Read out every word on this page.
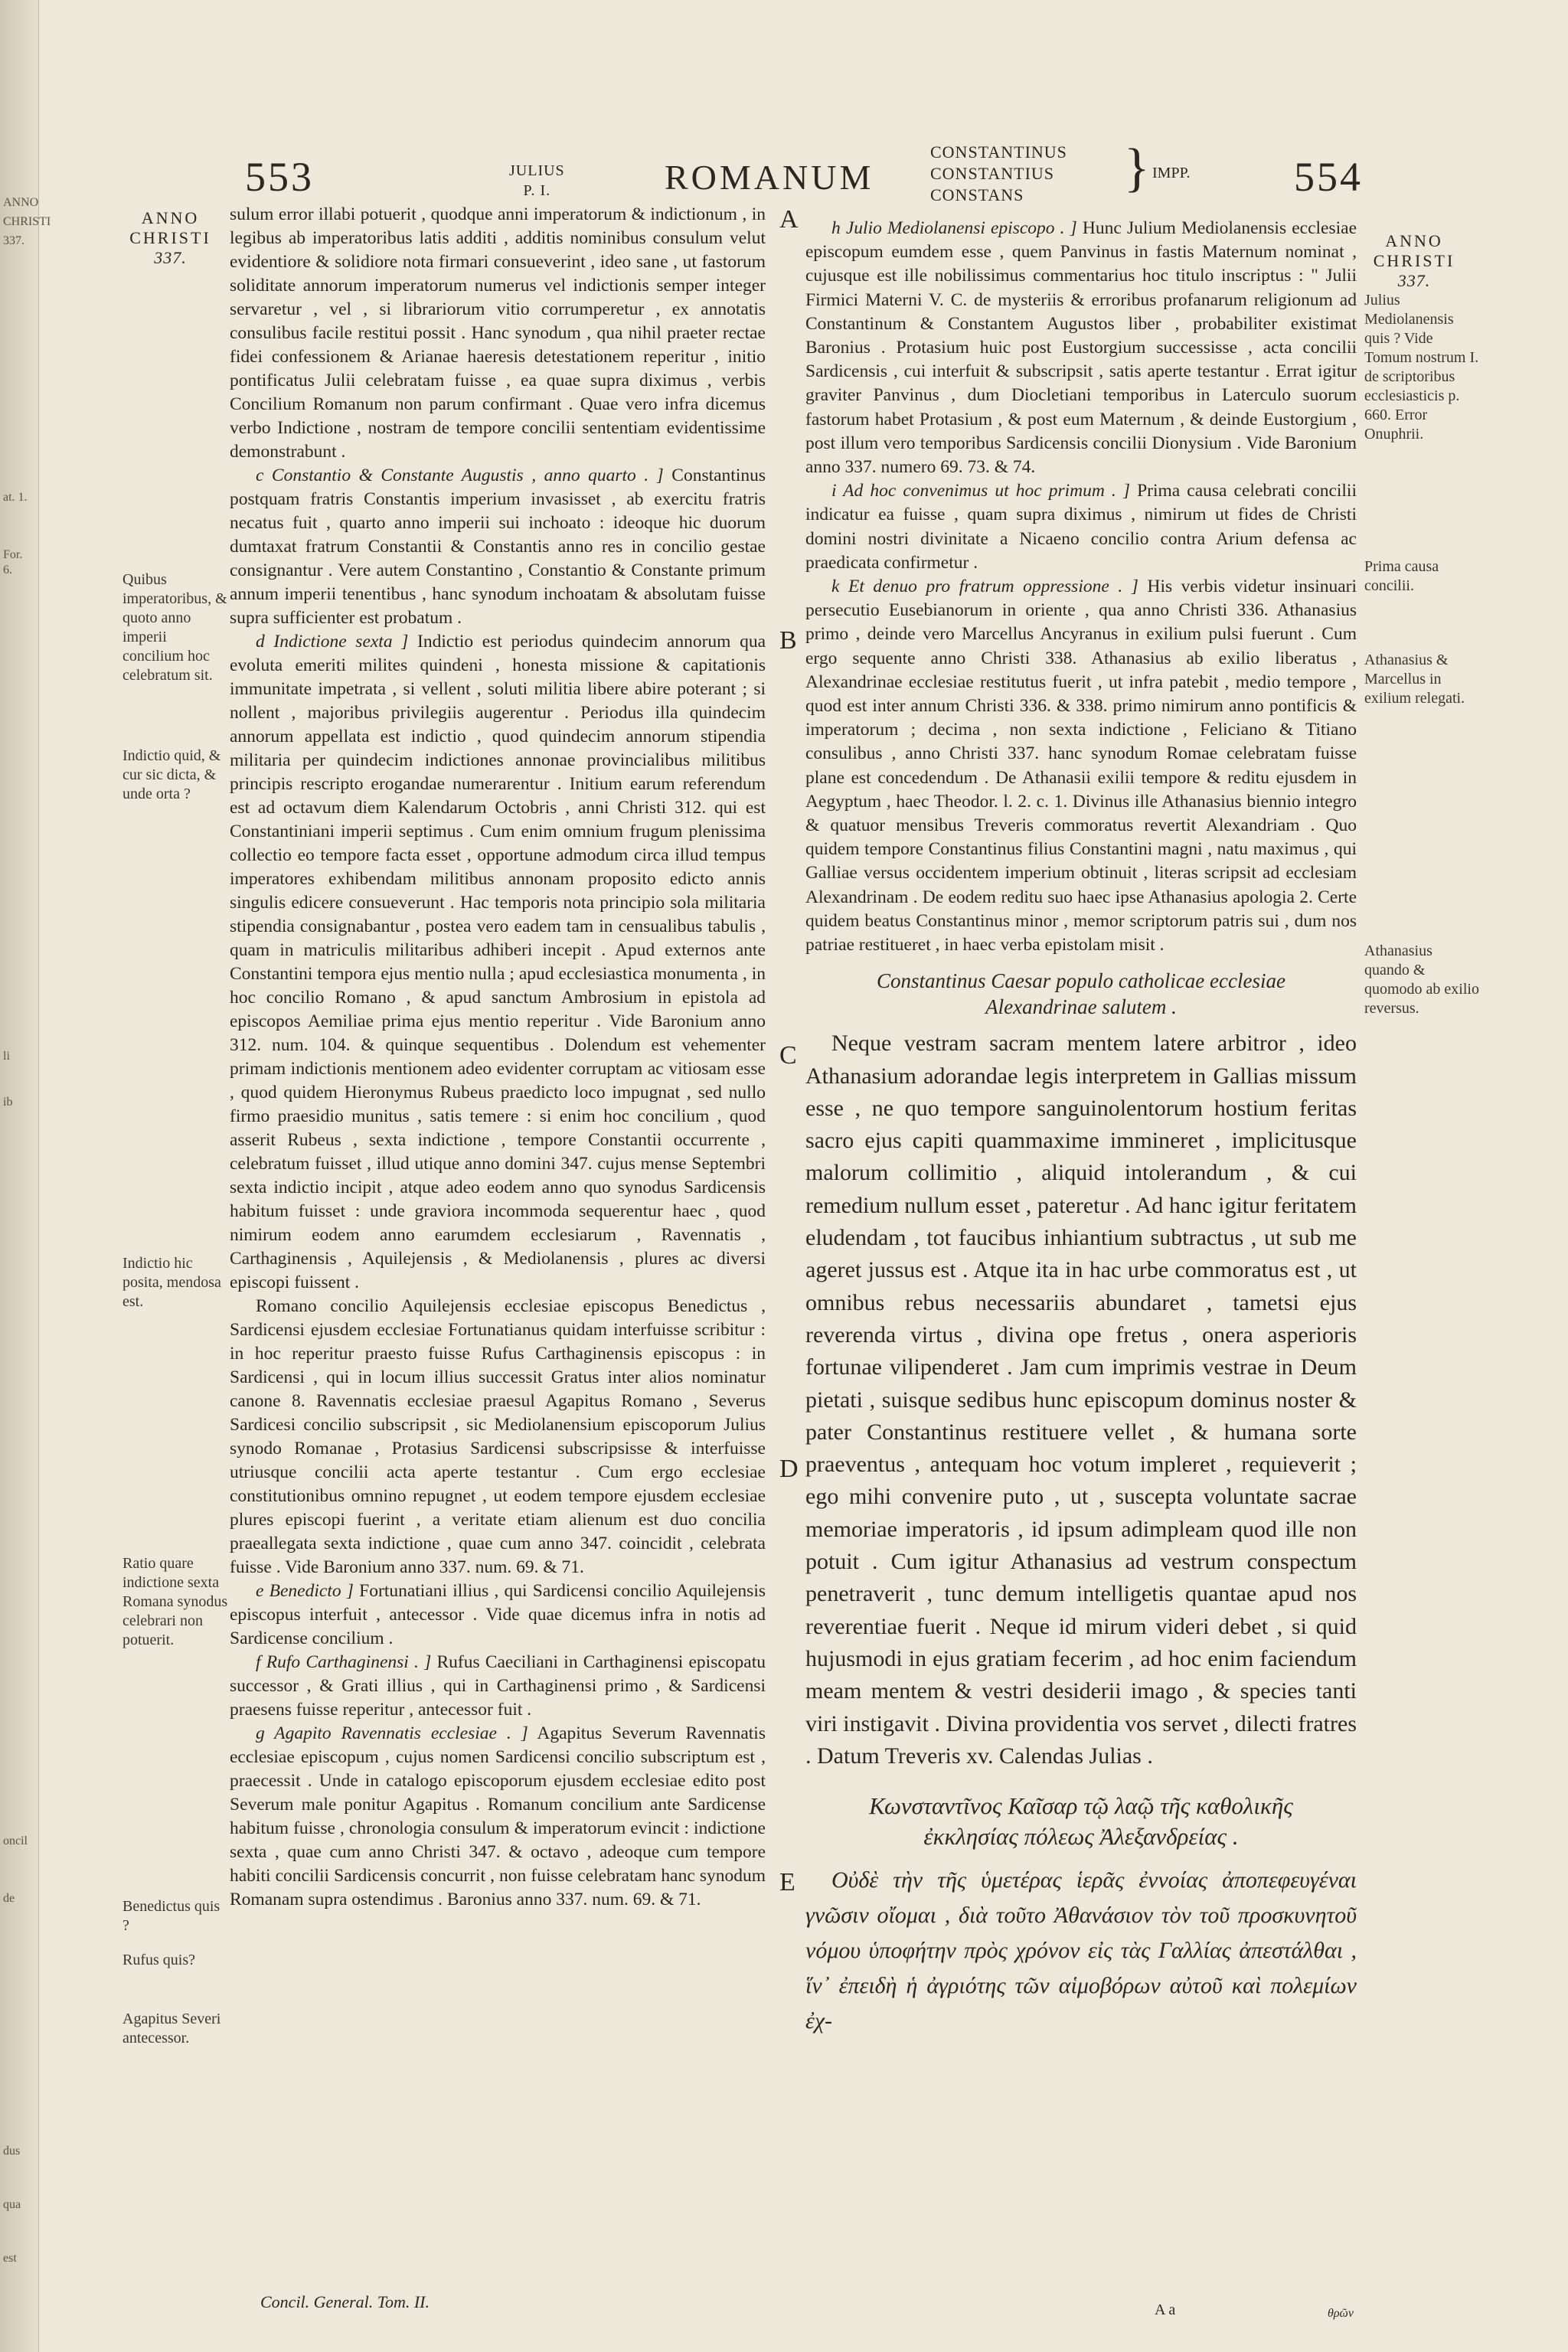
ANNO
CHRISTI
337.
at. 1.
For. 6.
li
ib
oncil
de
dus
qua
est
553	JULIUS
P. I.	ROMANUM
CONSTANTINUS
CONSTANTIUS
CONSTANS	} IMPP.	554
ANNO
CHRISTI
337.
Quibus imperatoribus, & quoto anno imperii concilium hoc celebratum sit.
Indictio quid, & cur sic dicta, & unde orta ?
Indictio hic posita, mendosa est.
Ratio quare indictione sexta Romana synodus celebrari non potuerit.
Benedictus quis ?
Rufus quis?
Agapitus Severi antecessor.
ANNO
CHRISTI
337.
Julius Mediolanensis quis ? Vide Tomum nostrum I. de scriptoribus ecclesiasticis p. 660. Error Onuphrii.
Prima causa concilii.
Athanasius & Marcellus in exilium relegati.
Athanasius quando & quomodo ab exilio reversus.
A
B
C
D
E

sulum error illabi potuerit , quodque anni imperatorum & indictionum , in legibus ab imperatoribus latis additi , additis nominibus consulum velut evidentiore & solidiore nota firmari consueverint , ideo sane , ut fastorum soliditate annorum imperatorum numerus vel indictionis semper integer servaretur , vel , si librariorum vitio corrumperetur , ex annotatis consulibus facile restitui possit . Hanc synodum , qua nihil praeter rectae fidei confessionem & Arianae haeresis detestationem reperitur , initio pontificatus Julii celebratam fuisse , ea quae supra diximus , verbis Concilium Romanum non parum confirmant . Quae vero infra dicemus verbo Indictione , nostram de tempore concilii sententiam evidentissime demonstrabunt .

c Constantio & Constante Augustis , anno quarto . ] Constantinus postquam fratris Constantis imperium invasisset , ab exercitu fratris necatus fuit , quarto anno imperii sui inchoato : ideoque hic duorum dumtaxat fratrum Constantii & Constantis anno res in concilio gestae consignantur . Vere autem Constantino , Constantio & Constante primum annum imperii tenentibus , hanc synodum inchoatam & absolutam fuisse supra sufficienter est probatum .

d Indictione sexta ] Indictio est periodus quindecim annorum qua evoluta emeriti milites quindeni , honesta missione & capitationis immunitate impetrata , si vellent , soluti militia libere abire poterant ; si nollent , majoribus privilegiis augerentur . Periodus illa quindecim annorum appellata est indictio , quod quindecim annorum stipendia militaria per quindecim indictiones annonae provincialibus militibus principis rescripto erogandae numerarentur . Initium earum referendum est ad octavum diem Kalendarum Octobris , anni Christi 312. qui est Constantiniani imperii septimus . Cum enim omnium frugum plenissima collectio eo tempore facta esset , opportune admodum circa illud tempus imperatores exhibendam militibus annonam proposito edicto annis singulis edicere consueverunt . Hac temporis nota principio sola militaria stipendia consignabantur , postea vero eadem tam in censualibus tabulis , quam in matriculis militaribus adhiberi incepit . Apud externos ante Constantini tempora ejus mentio nulla ; apud ecclesiastica monumenta , in hoc concilio Romano , & apud sanctum Ambrosium in epistola ad episcopos Aemiliae prima ejus mentio reperitur . Vide Baronium anno 312. num. 104. & quinque sequentibus . Dolendum est vehementer primam indictionis mentionem adeo evidenter corruptam ac vitiosam esse , quod quidem Hieronymus Rubeus praedicto loco impugnat , sed nullo firmo praesidio munitus , satis temere : si enim hoc concilium , quod asserit Rubeus , sexta indictione , tempore Constantii occurrente , celebratum fuisset , illud utique anno domini 347. cujus mense Septembri sexta indictio incipit , atque adeo eodem anno quo synodus Sardicensis habitum fuisset : unde graviora incommoda sequerentur haec , quod nimirum eodem anno earumdem ecclesiarum , Ravennatis , Carthaginensis , Aquilejensis , & Mediolanensis , plures ac diversi episcopi fuissent .

Romano concilio Aquilejensis ecclesiae episcopus Benedictus , Sardicensi ejusdem ecclesiae Fortunatianus quidam interfuisse scribitur : in hoc reperitur praesto fuisse Rufus Carthaginensis episcopus : in Sardicensi , qui in locum illius successit Gratus inter alios nominatur canone 8. Ravennatis ecclesiae praesul Agapitus Romano , Severus Sardicesi concilio subscripsit , sic Mediolanensium episcoporum Julius synodo Romanae , Protasius Sardicensi subscripsisse & interfuisse utriusque concilii acta aperte testantur . Cum ergo ecclesiae constitutionibus omnino repugnet , ut eodem tempore ejusdem ecclesiae plures episcopi fuerint , a veritate etiam alienum est duo concilia praeallegata sexta indictione , quae cum anno 347. coincidit , celebrata fuisse . Vide Baronium anno 337. num. 69. & 71.

e Benedicto ] Fortunatiani illius , qui Sardicensi concilio Aquilejensis episcopus interfuit , antecessor . Vide quae dicemus infra in notis ad Sardicense concilium .

f Rufo Carthaginensi . ] Rufus Caeciliani in Carthaginensi episcopatu successor , & Grati illius , qui in Carthaginensi primo , & Sardicensi praesens fuisse reperitur , antecessor fuit .

g Agapito Ravennatis ecclesiae . ] Agapitus Severum Ravennatis ecclesiae episcopum , cujus nomen Sardicensi concilio subscriptum est , praecessit . Unde in catalogo episcoporum ejusdem ecclesiae edito post Severum male ponitur Agapitus . Romanum concilium ante Sardicense habitum fuisse , chronologia consulum & imperatorum evincit : indictione sexta , quae cum anno Christi 347. & octavo , adeoque cum tempore habiti concilii Sardicensis concurrit , non fuisse celebratam hanc synodum Romanam supra ostendimus . Baronius anno 337. num. 69. & 71.

Concil. General. Tom. II.

h Julio Mediolanensi episcopo . ] Hunc Julium Mediolanensis ecclesiae episcopum eumdem esse , quem Panvinus in fastis Maternum nominat , cujusque est ille nobilissimus commentarius hoc titulo inscriptus : " Julii Firmici Materni V. C. de mysteriis & erroribus profanarum religionum ad Constantinum & Constantem Augustos liber , probabiliter existimat Baronius . Protasium huic post Eustorgium successisse , acta concilii Sardicensis , cui interfuit & subscripsit , satis aperte testantur . Errat igitur graviter Panvinus , dum Diocletiani temporibus in Laterculo suorum fastorum habet Protasium , & post eum Maternum , & deinde Eustorgium , post illum vero temporibus Sardicensis concilii Dionysium . Vide Baronium anno 337. numero 69. 73. & 74.

i Ad hoc convenimus ut hoc primum . ] Prima causa celebrati concilii indicatur ea fuisse , quam supra diximus , nimirum ut fides de Christi domini nostri divinitate a Nicaeno concilio contra Arium defensa ac praedicata confirmetur .

k Et denuo pro fratrum oppressione . ] His verbis videtur insinuari persecutio Eusebianorum in oriente , qua anno Christi 336. Athanasius primo , deinde vero Marcellus Ancyranus in exilium pulsi fuerunt . Cum ergo sequente anno Christi 338. Athanasius ab exilio liberatus , Alexandrinae ecclesiae restitutus fuerit , ut infra patebit , medio tempore , quod est inter annum Christi 336. & 338. primo nimirum anno pontificis & imperatorum ; decima , non sexta indictione , Feliciano & Titiano consulibus , anno Christi 337. hanc synodum Romae celebratam fuisse plane est concedendum . De Athanasii exilii tempore & reditu ejusdem in Aegyptum , haec Theodor. l. 2. c. 1. Divinus ille Athanasius biennio integro & quatuor mensibus Treveris commoratus revertit Alexandriam . Quo quidem tempore Constantinus filius Constantini magni , natu maximus , qui Galliae versus occidentem imperium obtinuit , literas scripsit ad ecclesiam Alexandrinam . De eodem reditu suo haec ipse Athanasius apologia 2. Certe quidem beatus Constantinus minor , memor scriptorum patris sui , dum nos patriae restitueret , in haec verba epistolam misit .

Constantinus Caesar populo catholicae ecclesiae
Alexandrinae salutem .

Neque vestram sacram mentem latere arbitror , ideo Athanasium adorandae legis interpretem in Gallias missum esse , ne quo tempore sanguinolentorum hostium feritas sacro ejus capiti quammaxime immineret , implicitusque malorum collimitio , aliquid intolerandum , & cui remedium nullum esset , pateretur . Ad hanc igitur feritatem eludendam , tot faucibus inhiantium subtractus , ut sub me ageret jussus est . Atque ita in hac urbe commoratus est , ut omnibus rebus necessariis abundaret , tametsi ejus reverenda virtus , divina ope fretus , onera asperioris fortunae vilipenderet . Jam cum imprimis vestrae in Deum pietati , suisque sedibus hunc episcopum dominus noster & pater Constantinus restituere vellet , & humana sorte praeventus , antequam hoc votum impleret , requieverit ; ego mihi convenire puto , ut , suscepta voluntate sacrae memoriae imperatoris , id ipsum adimpleam quod ille non potuit . Cum igitur Athanasius ad vestrum conspectum penetraverit , tunc demum intelligetis quantae apud nos reverentiae fuerit . Neque id mirum videri debet , si quid hujusmodi in ejus gratiam fecerim , ad hoc enim faciendum meam mentem & vestri desiderii imago , & species tanti viri instigavit . Divina providentia vos servet , dilecti fratres . Datum Treveris xv. Calendas Julias .

Κωνσταντῖνος Καῖσαρ τῷ λαῷ τῆς καθολικῆς
ἐκκλησίας πόλεως Ἀλεξανδρείας .

Οὐδὲ τὴν τῆς ὑμετέρας ἱερᾶς ἐννοίας ἀποπεφευγέναι γνῶσιν οἴομαι , διὰ τοῦτο Ἀθανάσιον τὸν τοῦ προσκυνητοῦ νόμου ὑποφήτην πρὸς χρόνον εἰς τὰς Γαλλίας ἀπεστάλθαι , ἵν᾽ ἐπειδὴ ἡ ἀγριότης τῶν αἱμοβόρων αὐτοῦ καὶ πολεμίων ἐχ-

A a	θρῶν
